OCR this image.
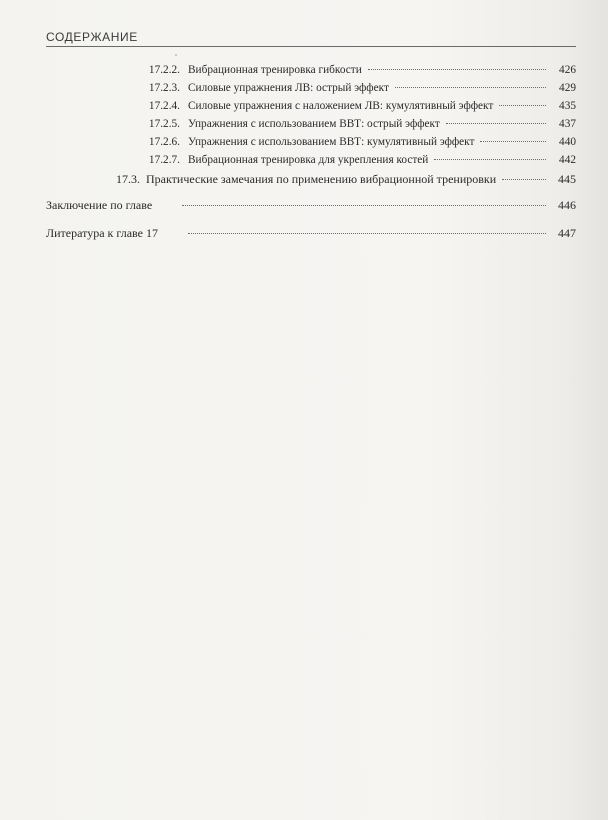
СОДЕРЖАНИЕ
17.2.2. Вибрационная тренировка гибкости	426
17.2.3. Силовые упражнения ЛВ: острый эффект	429
17.2.4. Силовые упражнения с наложением ЛВ: кумулятивный эффект	435
17.2.5. Упражнения с использованием ВВТ: острый эффект	437
17.2.6. Упражнения с использованием ВВТ: кумулятивный эффект	440
17.2.7. Вибрационная тренировка для укрепления костей	442
17.3. Практические замечания по применению вибрационной тренировки	445
Заключение по главе	446
Литература к главе 17	447
